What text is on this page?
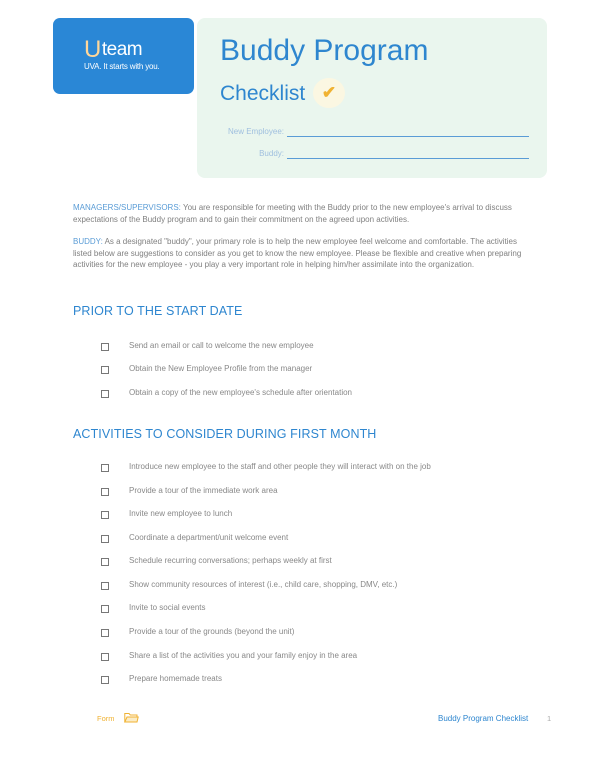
Uteam
UVA. It starts with you.	Buddy Program
Checklist ✔
New Employee:
Buddy:

MANAGERS/SUPERVISORS: You are responsible for meeting with the Buddy prior to the new employee's arrival to discuss expectations of the Buddy program and to gain their commitment on the agreed upon activities.

BUDDY: As a designated "buddy", your primary role is to help the new employee feel welcome and comfortable. The activities listed below are suggestions to consider as you get to know the new employee. Please be flexible and creative when preparing activities for the new employee - you play a very important role in helping him/her assimilate into the organization.

PRIOR TO THE START DATE
Send an email or call to welcome the new employee
Obtain the New Employee Profile from the manager
Obtain a copy of the new employee's schedule after orientation
ACTIVITIES TO CONSIDER DURING FIRST MONTH
Introduce new employee to the staff and other people they will interact with on the job
Provide a tour of the immediate work area
Invite new employee to lunch
Coordinate a department/unit welcome event
Schedule recurring conversations; perhaps weekly at first
Show community resources of interest (i.e., child care, shopping, DMV, etc.)
Invite to social events
Provide a tour of the grounds (beyond the unit)
Share a list of the activities you and your family enjoy in the area
Prepare homemade treats
Form	Buddy Program Checklist 1
